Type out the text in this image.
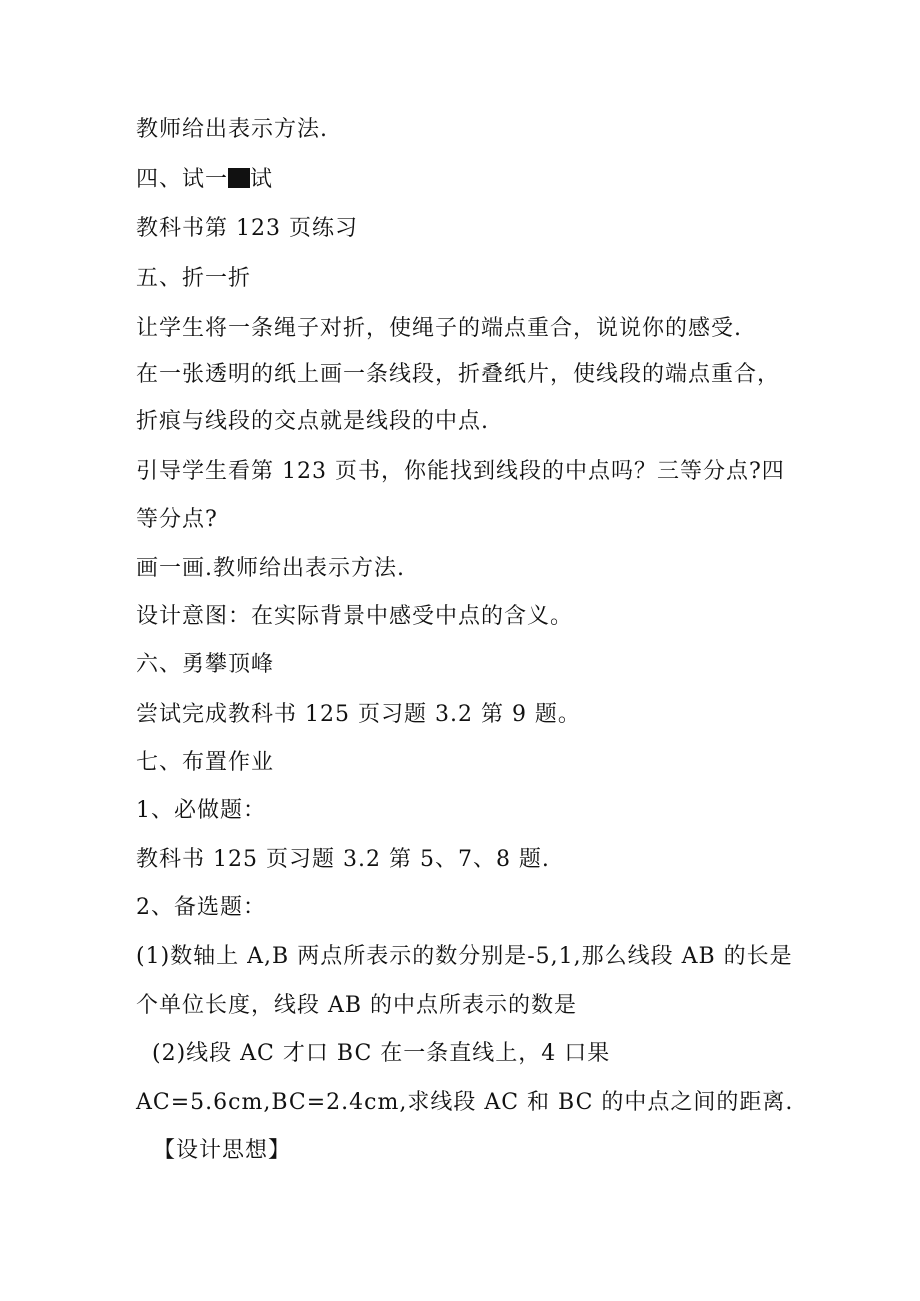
教师给出表示方法.
四、试一 试
教科书第 123 页练习
五、折一折
让学生将一条绳子对折，使绳子的端点重合，说说你的感受.
在一张透明的纸上画一条线段，折叠纸片，使线段的端点重合，
折痕与线段的交点就是线段的中点.
引导学生看第 123 页书，你能找到线段的中点吗？三等分点?四
等分点?
画一画.教师给出表示方法.
设计意图：在实际背景中感受中点的含义。
六、勇攀顶峰
尝试完成教科书 125 页习题 3.2 第 9 题。
七、布置作业
1、必做题：
教科书 125 页习题 3.2 第 5、7、8 题.
2、备选题：
(1)数轴上 A,B 两点所表示的数分别是-5,1,那么线段 AB 的长是
个单位长度，线段 AB 的中点所表示的数是
(2)线段 AC 才口 BC 在一条直线上，4 口果
AC=5.6cm,BC=2.4cm,求线段 AC 和 BC 的中点之间的距离.
【设计思想】
